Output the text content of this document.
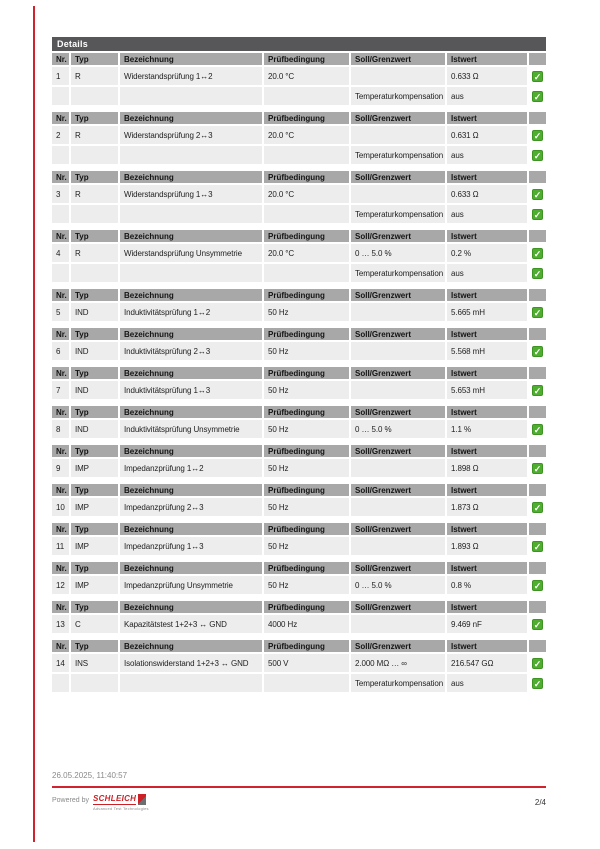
Details
Nr.	Typ	Bezeichnung	Prüfbedingung	Soll/Grenzwert	Istwert	
1	R	Widerstandsprüfung 1↔2	20.0 °C		0.633 Ω	✓
				Temperaturkompensation	aus	✓
Nr.	Typ	Bezeichnung	Prüfbedingung	Soll/Grenzwert	Istwert	
2	R	Widerstandsprüfung 2↔3	20.0 °C		0.631 Ω	✓
				Temperaturkompensation	aus	✓
Nr.	Typ	Bezeichnung	Prüfbedingung	Soll/Grenzwert	Istwert	
3	R	Widerstandsprüfung 1↔3	20.0 °C		0.633 Ω	✓
				Temperaturkompensation	aus	✓
Nr.	Typ	Bezeichnung	Prüfbedingung	Soll/Grenzwert	Istwert	
4	R	Widerstandsprüfung Unsymmetrie	20.0 °C	0 … 5.0 %	0.2 %	✓
				Temperaturkompensation	aus	✓
Nr.	Typ	Bezeichnung	Prüfbedingung	Soll/Grenzwert	Istwert	
5	IND	Induktivitätsprüfung 1↔2	50 Hz		5.665 mH	✓
Nr.	Typ	Bezeichnung	Prüfbedingung	Soll/Grenzwert	Istwert	
6	IND	Induktivitätsprüfung 2↔3	50 Hz		5.568 mH	✓
Nr.	Typ	Bezeichnung	Prüfbedingung	Soll/Grenzwert	Istwert	
7	IND	Induktivitätsprüfung 1↔3	50 Hz		5.653 mH	✓
Nr.	Typ	Bezeichnung	Prüfbedingung	Soll/Grenzwert	Istwert	
8	IND	Induktivitätsprüfung Unsymmetrie	50 Hz	0 … 5.0 %	1.1 %	✓
Nr.	Typ	Bezeichnung	Prüfbedingung	Soll/Grenzwert	Istwert	
9	IMP	Impedanzprüfung 1↔2	50 Hz		1.898 Ω	✓
Nr.	Typ	Bezeichnung	Prüfbedingung	Soll/Grenzwert	Istwert	
10	IMP	Impedanzprüfung 2↔3	50 Hz		1.873 Ω	✓
Nr.	Typ	Bezeichnung	Prüfbedingung	Soll/Grenzwert	Istwert	
11	IMP	Impedanzprüfung 1↔3	50 Hz		1.893 Ω	✓
Nr.	Typ	Bezeichnung	Prüfbedingung	Soll/Grenzwert	Istwert	
12	IMP	Impedanzprüfung Unsymmetrie	50 Hz	0 … 5.0 %	0.8 %	✓
Nr.	Typ	Bezeichnung	Prüfbedingung	Soll/Grenzwert	Istwert	
13	C	Kapazitätstest 1+2+3 ↔ GND	4000 Hz		9.469 nF	✓
Nr.	Typ	Bezeichnung	Prüfbedingung	Soll/Grenzwert	Istwert	
14	INS	Isolationswiderstand 1+2+3 ↔ GND	500 V	2.000 MΩ … ∞	216.547 GΩ	✓
				Temperaturkompensation	aus	✓
26.05.2025, 11:40:57
Powered by SCHLEICH
Advanced Test Technologies
2/4
